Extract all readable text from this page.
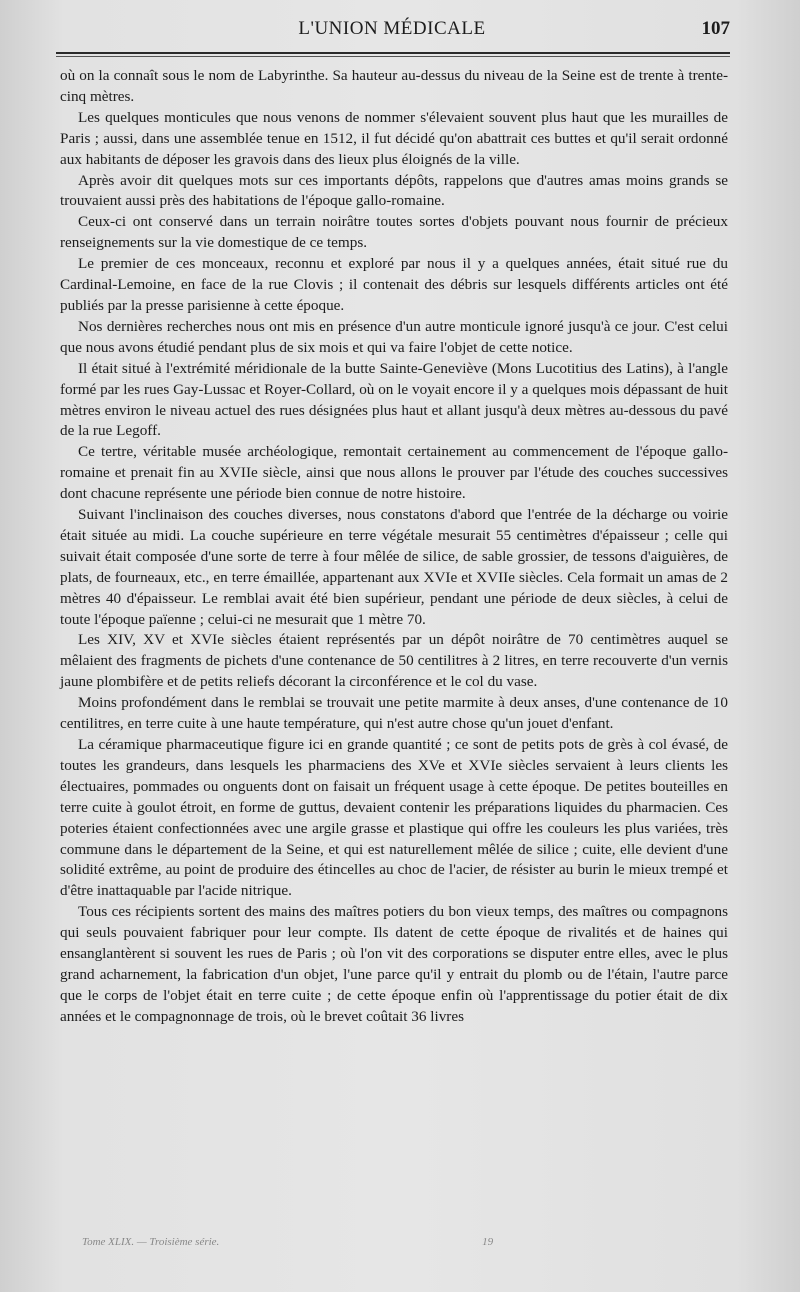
L'UNION MÉDICALE	107

où on la connaît sous le nom de Labyrinthe. Sa hauteur au-dessus du niveau de la Seine est de trente à trente-cinq mètres.

Les quelques monticules que nous venons de nommer s'élevaient souvent plus haut que les murailles de Paris ; aussi, dans une assemblée tenue en 1512, il fut décidé qu'on abattrait ces buttes et qu'il serait ordonné aux habitants de déposer les gravois dans des lieux plus éloignés de la ville.

Après avoir dit quelques mots sur ces importants dépôts, rappelons que d'autres amas moins grands se trouvaient aussi près des habitations de l'époque gallo-romaine.

Ceux-ci ont conservé dans un terrain noirâtre toutes sortes d'objets pouvant nous fournir de précieux renseignements sur la vie domestique de ce temps.

Le premier de ces monceaux, reconnu et exploré par nous il y a quelques années, était situé rue du Cardinal-Lemoine, en face de la rue Clovis ; il contenait des débris sur lesquels différents articles ont été publiés par la presse parisienne à cette époque.

Nos dernières recherches nous ont mis en présence d'un autre monticule ignoré jusqu'à ce jour. C'est celui que nous avons étudié pendant plus de six mois et qui va faire l'objet de cette notice.

Il était situé à l'extrémité méridionale de la butte Sainte-Geneviève (Mons Lucotitius des Latins), à l'angle formé par les rues Gay-Lussac et Royer-Collard, où on le voyait encore il y a quelques mois dépassant de huit mètres environ le niveau actuel des rues désignées plus haut et allant jusqu'à deux mètres au-dessous du pavé de la rue Legoff.

Ce tertre, véritable musée archéologique, remontait certainement au commencement de l'époque gallo-romaine et prenait fin au XVIIe siècle, ainsi que nous allons le prouver par l'étude des couches successives dont chacune représente une période bien connue de notre histoire.

Suivant l'inclinaison des couches diverses, nous constatons d'abord que l'entrée de la décharge ou voirie était située au midi. La couche supérieure en terre végétale mesurait 55 centimètres d'épaisseur ; celle qui suivait était composée d'une sorte de terre à four mêlée de silice, de sable grossier, de tessons d'aiguières, de plats, de fourneaux, etc., en terre émaillée, appartenant aux XVIe et XVIIe siècles. Cela formait un amas de 2 mètres 40 d'épaisseur. Le remblai avait été bien supérieur, pendant une période de deux siècles, à celui de toute l'époque païenne ; celui-ci ne mesurait que 1 mètre 70.

Les XIV, XV et XVIe siècles étaient représentés par un dépôt noirâtre de 70 centimètres auquel se mêlaient des fragments de pichets d'une contenance de 50 centilitres à 2 litres, en terre recouverte d'un vernis jaune plombifère et de petits reliefs décorant la circonférence et le col du vase.

Moins profondément dans le remblai se trouvait une petite marmite à deux anses, d'une contenance de 10 centilitres, en terre cuite à une haute température, qui n'est autre chose qu'un jouet d'enfant.

La céramique pharmaceutique figure ici en grande quantité ; ce sont de petits pots de grès à col évasé, de toutes les grandeurs, dans lesquels les pharmaciens des XVe et XVIe siècles servaient à leurs clients les électuaires, pommades ou onguents dont on faisait un fréquent usage à cette époque. De petites bouteilles en terre cuite à goulot étroit, en forme de guttus, devaient contenir les préparations liquides du pharmacien. Ces poteries étaient confectionnées avec une argile grasse et plastique qui offre les couleurs les plus variées, très commune dans le département de la Seine, et qui est naturellement mêlée de silice ; cuite, elle devient d'une solidité extrême, au point de produire des étincelles au choc de l'acier, de résister au burin le mieux trempé et d'être inattaquable par l'acide nitrique.

Tous ces récipients sortent des mains des maîtres potiers du bon vieux temps, des maîtres ou compagnons qui seuls pouvaient fabriquer pour leur compte. Ils datent de cette époque de rivalités et de haines qui ensanglantèrent si souvent les rues de Paris ; où l'on vit des corporations se disputer entre elles, avec le plus grand acharnement, la fabrication d'un objet, l'une parce qu'il y entrait du plomb ou de l'étain, l'autre parce que le corps de l'objet était en terre cuite ; de cette époque enfin où l'apprentissage du potier était de dix années et le compagnonnage de trois, où le brevet coûtait 36 livres

Tome XLIX. — Troisième série.	19
